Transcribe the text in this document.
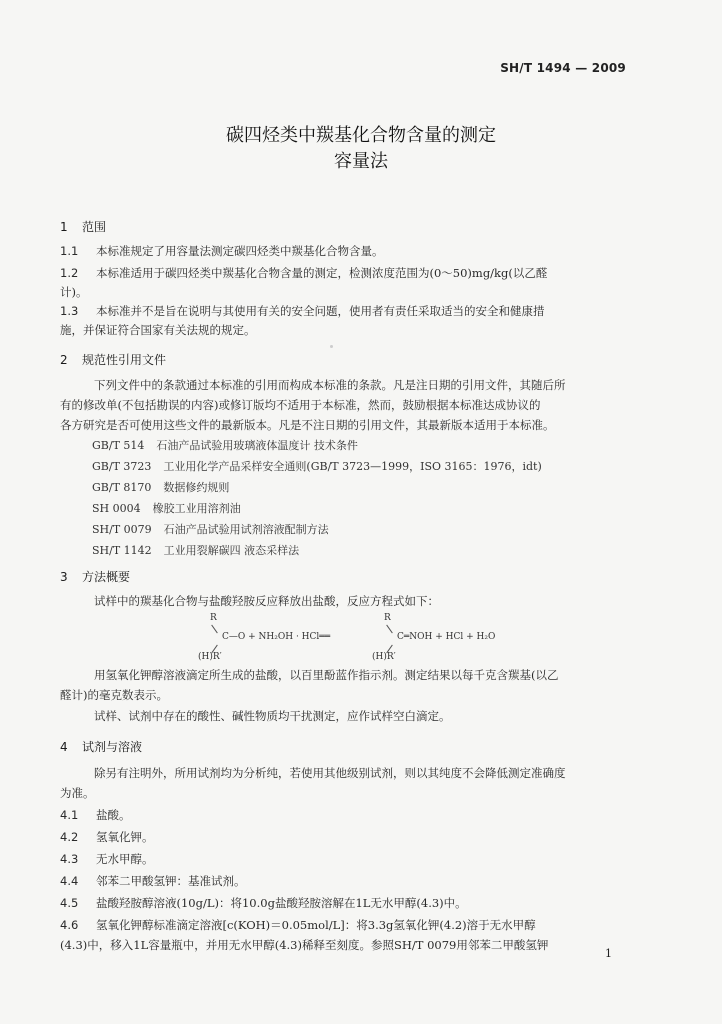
SH/T 1494 — 2009
碳四烃类中羰基化合物含量的测定
容量法
1 范围
1.1 本标准规定了用容量法测定碳四烃类中羰基化合物含量。
1.2 本标准适用于碳四烃类中羰基化合物含量的测定，检测浓度范围为(0～50)mg/kg(以乙醛
计)。
1.3 本标准并不是旨在说明与其使用有关的安全问题，使用者有责任采取适当的安全和健康措
施，并保证符合国家有关法规的规定。
2 规范性引用文件
下列文件中的条款通过本标准的引用而构成本标准的条款。凡是注日期的引用文件，其随后所
有的修改单(不包括勘误的内容)或修订版均不适用于本标准，然而，鼓励根据本标准达成协议的
各方研究是否可使用这些文件的最新版本。凡是不注日期的引用文件，其最新版本适用于本标准。
GB/T 514 石油产品试验用玻璃液体温度计 技术条件
GB/T 3723 工业用化学产品采样安全通则(GB/T 3723—1999，ISO 3165：1976，idt)
GB/T 8170 数据修约规则
SH 0004 橡胶工业用溶剂油
SH/T 0079 石油产品试验用试剂溶液配制方法
SH/T 1142 工业用裂解碳四 液态采样法
3 方法概要
试样中的羰基化合物与盐酸羟胺反应释放出盐酸，反应方程式如下：
R
C—O + NH₂OH · HCl══
(H)R′
R
C═NOH + HCl + H₂O
(H)R′
用氢氧化钾醇溶液滴定所生成的盐酸，以百里酚蓝作指示剂。测定结果以每千克含羰基(以乙
醛计)的毫克数表示。
试样、试剂中存在的酸性、碱性物质均干扰测定，应作试样空白滴定。
4 试剂与溶液
除另有注明外，所用试剂均为分析纯，若使用其他级别试剂，则以其纯度不会降低测定准确度
为准。
4.1 盐酸。
4.2 氢氧化钾。
4.3 无水甲醇。
4.4 邻苯二甲酸氢钾：基准试剂。
4.5 盐酸羟胺醇溶液(10g/L)：将10.0g盐酸羟胺溶解在1L无水甲醇(4.3)中。
4.6 氢氧化钾醇标准滴定溶液[c(KOH)＝0.05mol/L]：将3.3g氢氧化钾(4.2)溶于无水甲醇
(4.3)中，移入1L容量瓶中，并用无水甲醇(4.3)稀释至刻度。参照SH/T 0079用邻苯二甲酸氢钾
1
